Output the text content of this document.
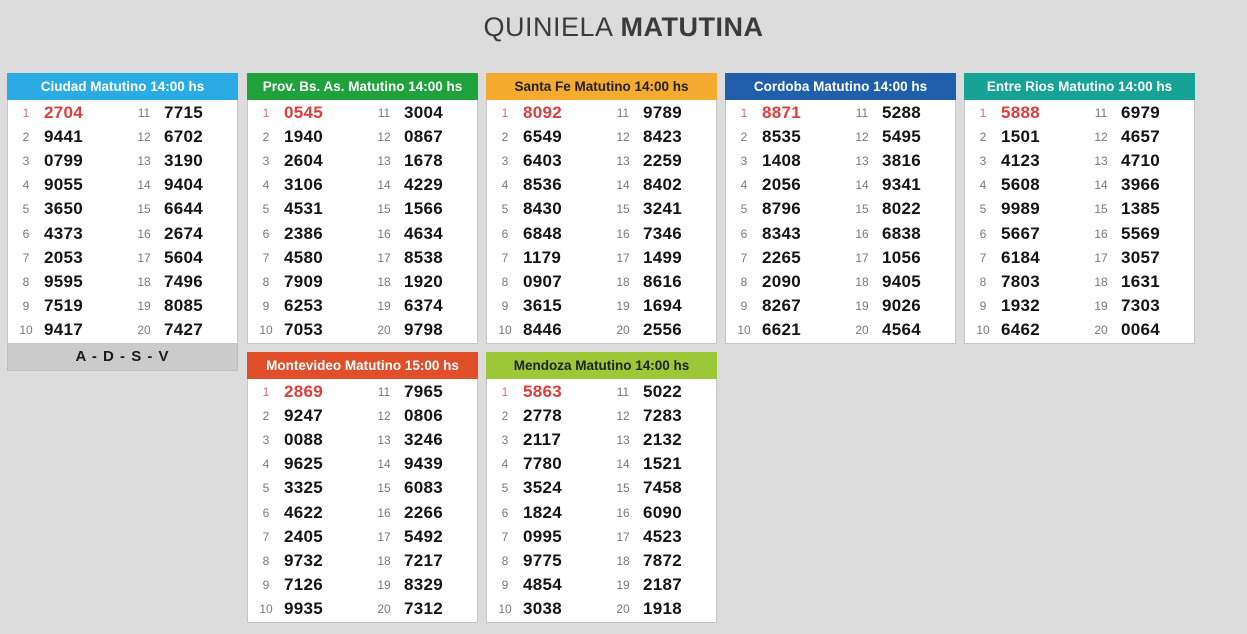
QUINIELA MATUTINA
Ciudad Matutino 14:00 hs
1 2704	11 7715
2 9441	12 6702
3 0799	13 3190
4 9055	14 9404
5 3650	15 6644
6 4373	16 2674
7 2053	17 5604
8 9595	18 7496
9 7519	19 8085
10 9417	20 7427
A - D - S - V
Prov. Bs. As. Matutino 14:00 hs
1 0545	11 3004
2 1940	12 0867
3 2604	13 1678
4 3106	14 4229
5 4531	15 1566
6 2386	16 4634
7 4580	17 8538
8 7909	18 1920
9 6253	19 6374
10 7053	20 9798
Santa Fe Matutino 14:00 hs
1 8092	11 9789
2 6549	12 8423
3 6403	13 2259
4 8536	14 8402
5 8430	15 3241
6 6848	16 7346
7 1179	17 1499
8 0907	18 8616
9 3615	19 1694
10 8446	20 2556
Cordoba Matutino 14:00 hs
1 8871	11 5288
2 8535	12 5495
3 1408	13 3816
4 2056	14 9341
5 8796	15 8022
6 8343	16 6838
7 2265	17 1056
8 2090	18 9405
9 8267	19 9026
10 6621	20 4564
Entre Rios Matutino 14:00 hs
1 5888	11 6979
2 1501	12 4657
3 4123	13 4710
4 5608	14 3966
5 9989	15 1385
6 5667	16 5569
7 6184	17 3057
8 7803	18 1631
9 1932	19 7303
10 6462	20 0064
Montevideo Matutino 15:00 hs
1 2869	11 7965
2 9247	12 0806
3 0088	13 3246
4 9625	14 9439
5 3325	15 6083
6 4622	16 2266
7 2405	17 5492
8 9732	18 7217
9 7126	19 8329
10 9935	20 7312
Mendoza Matutino 14:00 hs
1 5863	11 5022
2 2778	12 7283
3 2117	13 2132
4 7780	14 1521
5 3524	15 7458
6 1824	16 6090
7 0995	17 4523
8 9775	18 7872
9 4854	19 2187
10 3038	20 1918
